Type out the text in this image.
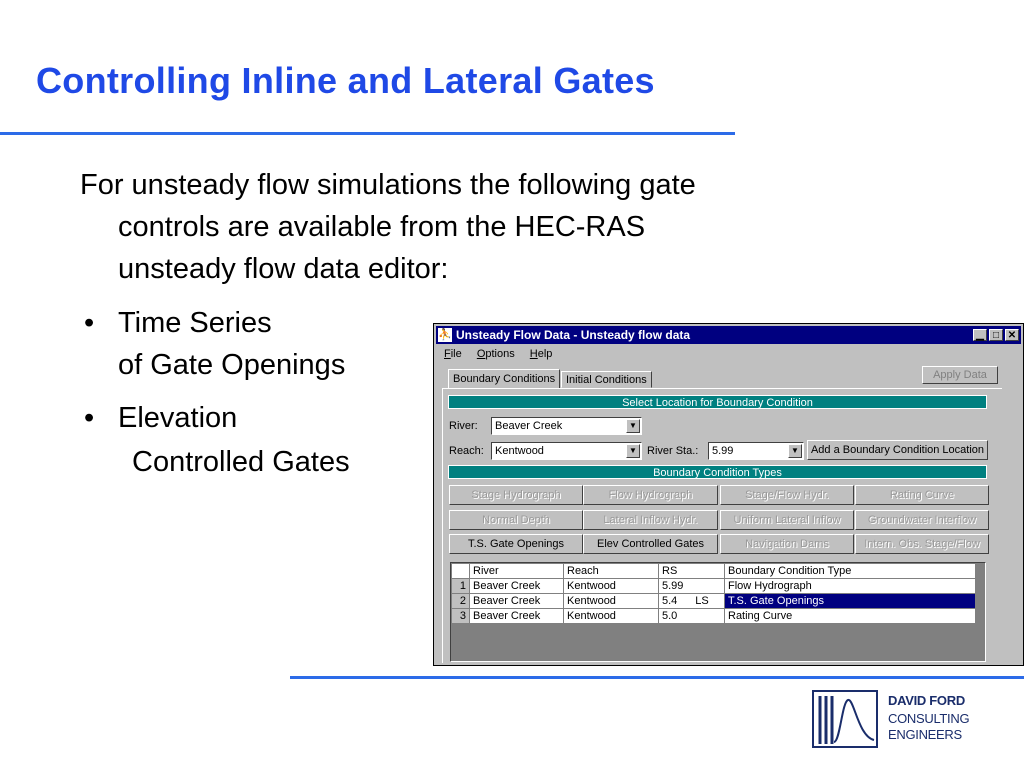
Controlling Inline and Lateral Gates
For unsteady flow simulations the following gate
controls are available from the HEC-RAS
unsteady flow data editor:
• Time Series
of Gate Openings
• Elevation
Controlled Gates
⛹ Unsteady Flow Data - Unsteady flow data	▁ □ ✕
File Options Help
Boundary Conditions Initial Conditions	Apply Data
Select Location for Boundary Condition
River: Beaver Creek	▼
Reach: Kentwood	▼ River Sta.: 5.99	▼	Add a Boundary Condition Location
Boundary Condition Types
Stage Hydrograph	Flow Hydrograph	Stage/Flow Hydr.	Rating Curve
Normal Depth	Lateral Inflow Hydr.	Uniform Lateral Inflow	Groundwater Interflow
T.S. Gate Openings	Elev Controlled Gates	Navigation Dams	Intern. Obs. Stage/Flow
	River	Reach	RS	Boundary Condition Type
1	Beaver Creek	Kentwood	5.99	Flow Hydrograph
2	Beaver Creek	Kentwood	5.4 LS	T.S. Gate Openings
3	Beaver Creek	Kentwood	5.0	Rating Curve
DAVID FORD
CONSULTING
ENGINEERS
